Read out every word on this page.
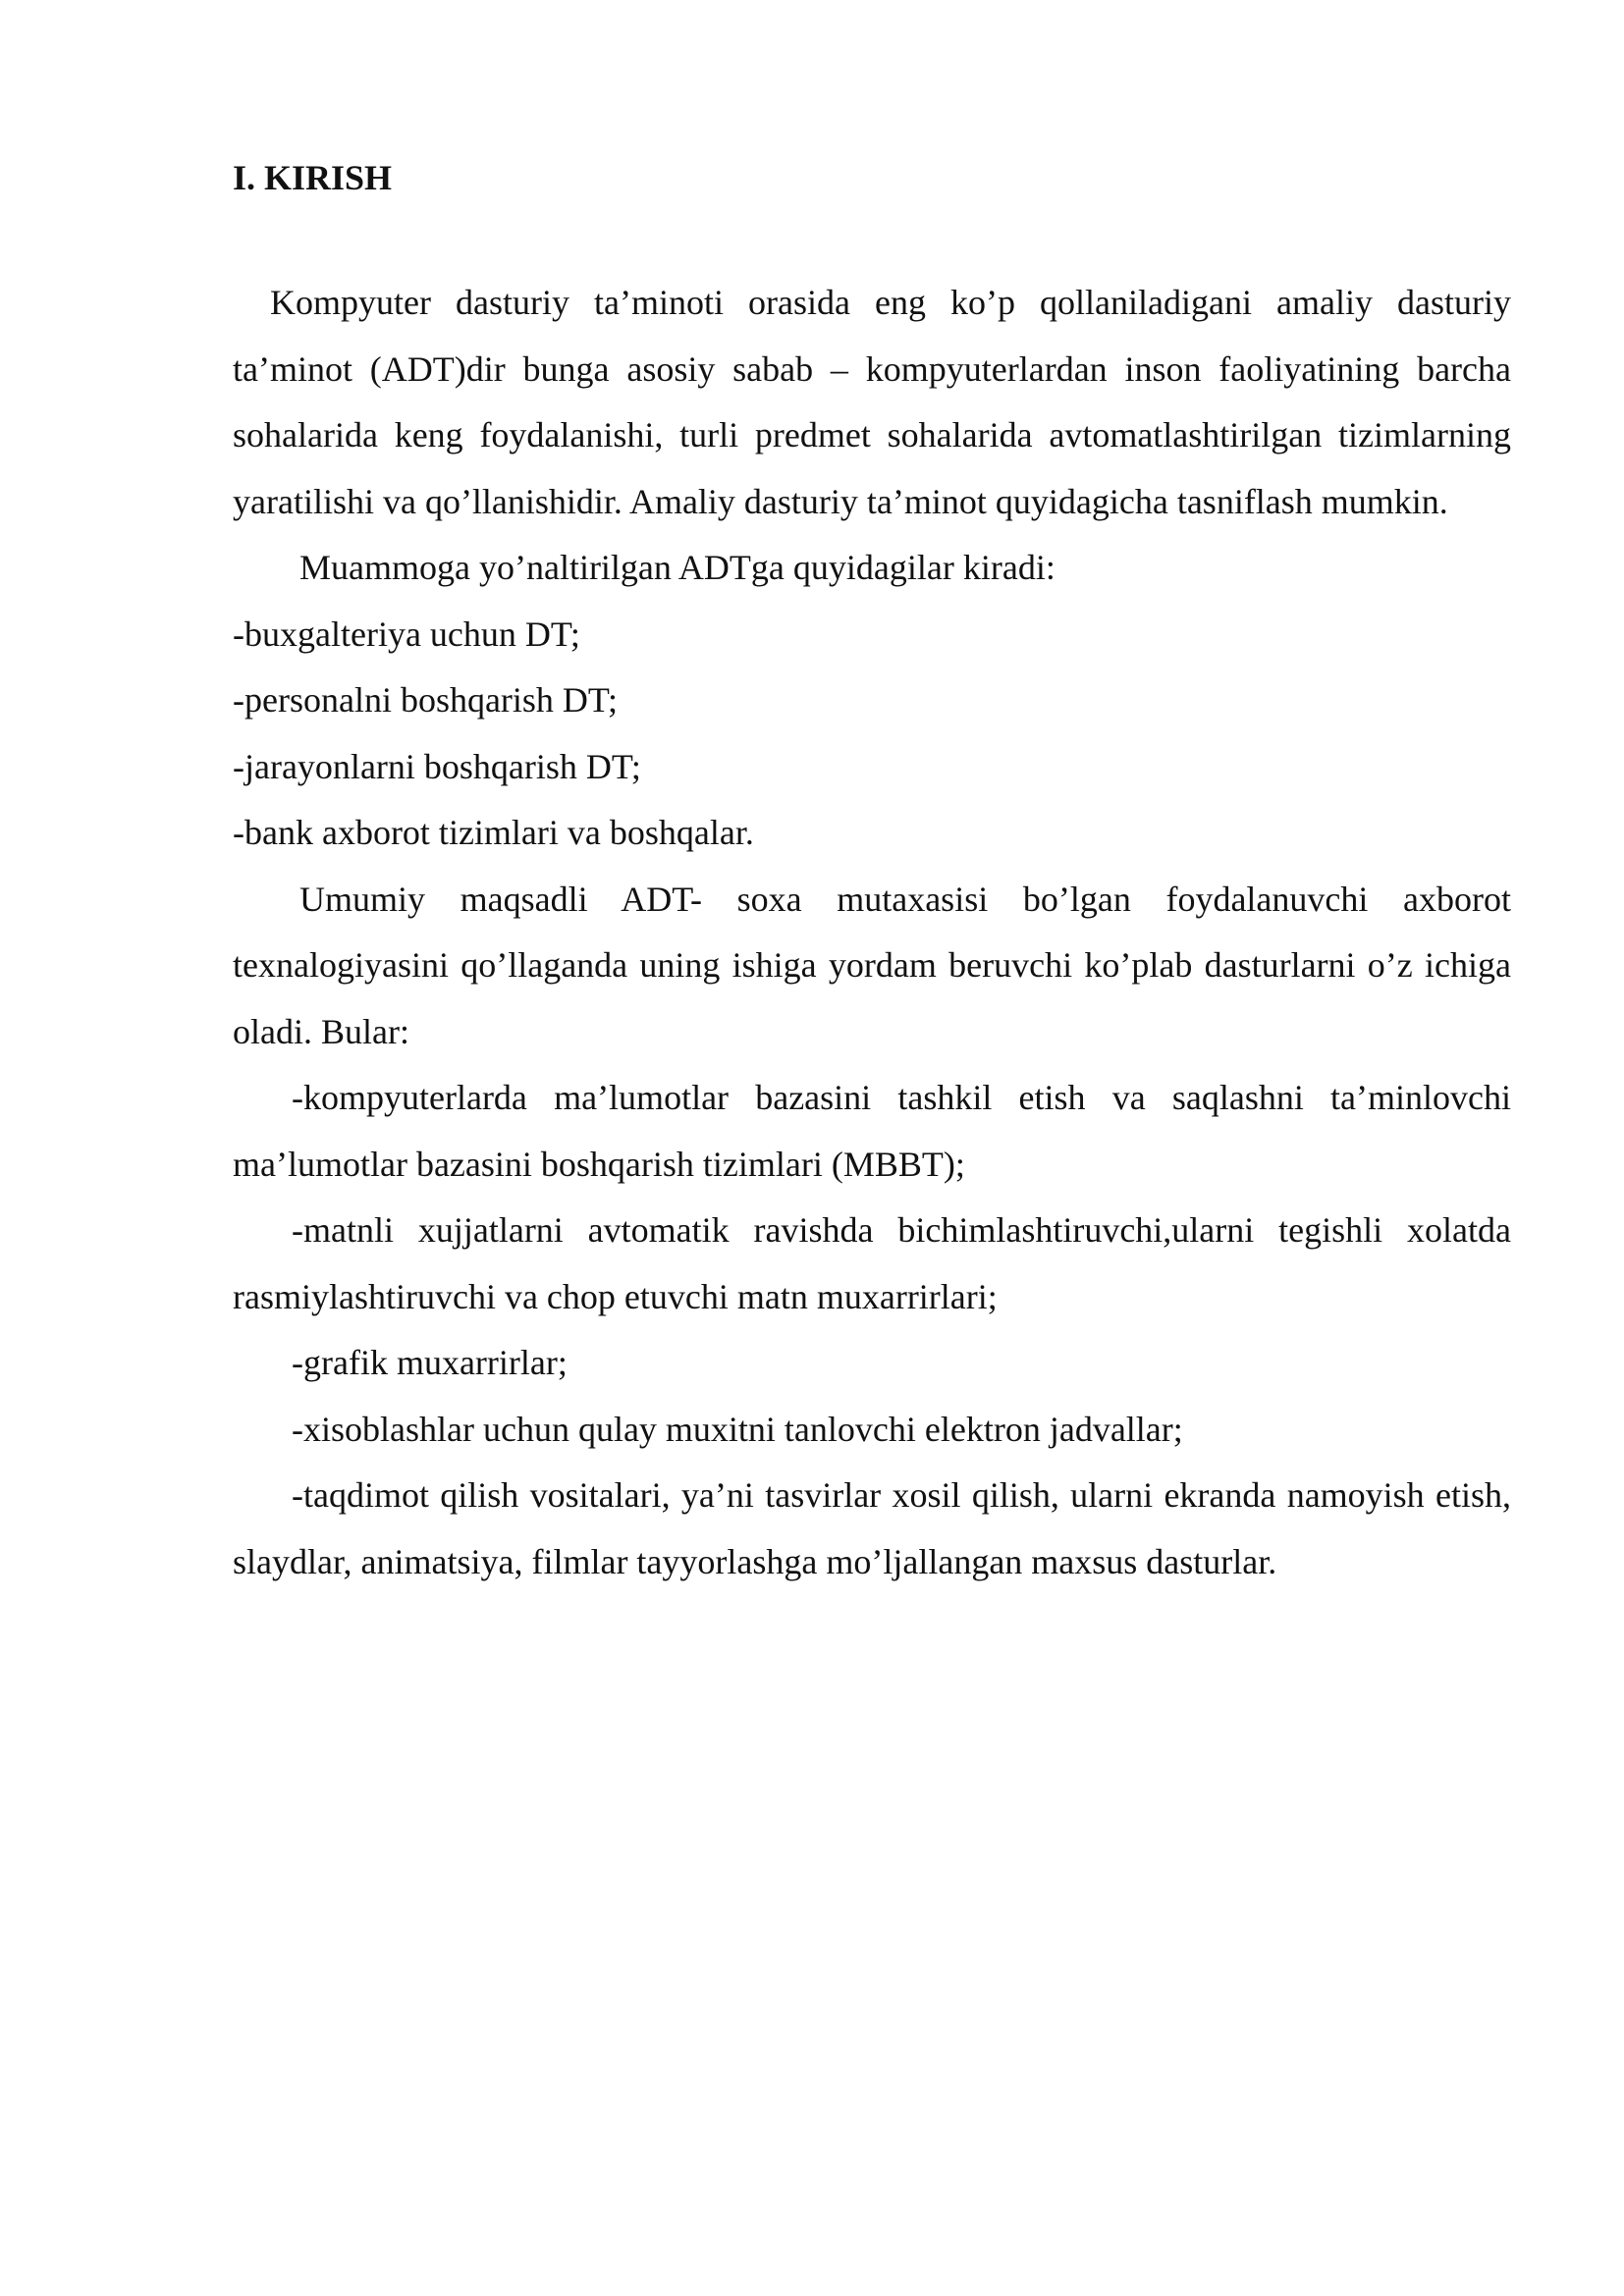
I. KIRISH

Kompyuter dasturiy ta’minoti orasida eng ko’p qollaniladigani amaliy dasturiy ta’minot (ADT)dir bunga asosiy sabab – kompyuterlardan inson faoliyatining barcha sohalarida keng foydalanishi, turli predmet sohalarida avtomatlashtirilgan tizimlarning yaratilishi va qo’llanishidir. Amaliy dasturiy ta’minot quyidagicha tasniflash mumkin.

Muammoga yo’naltirilgan ADTga quyidagilar kiradi:

-buxgalteriya uchun DT;

-personalni boshqarish DT;

-jarayonlarni boshqarish DT;

-bank axborot tizimlari va boshqalar.

Umumiy maqsadli ADT- soxa mutaxasisi bo’lgan foydalanuvchi axborot texnalogiyasini qo’llaganda uning ishiga yordam beruvchi ko’plab dasturlarni o’z ichiga oladi. Bular:

-kompyuterlarda ma’lumotlar bazasini tashkil etish va saqlashni ta’minlovchi ma’lumotlar bazasini boshqarish tizimlari (MBBT);

-matnli xujjatlarni avtomatik ravishda bichimlashtiruvchi,ularni tegishli xolatda rasmiylashtiruvchi va chop etuvchi matn muxarrirlari;

-grafik muxarrirlar;

-xisoblashlar uchun qulay muxitni tanlovchi elektron jadvallar;

-taqdimot qilish vositalari, ya’ni tasvirlar xosil qilish, ularni ekranda namoyish etish, slaydlar, animatsiya, filmlar tayyorlashga mo’ljallangan maxsus dasturlar.
